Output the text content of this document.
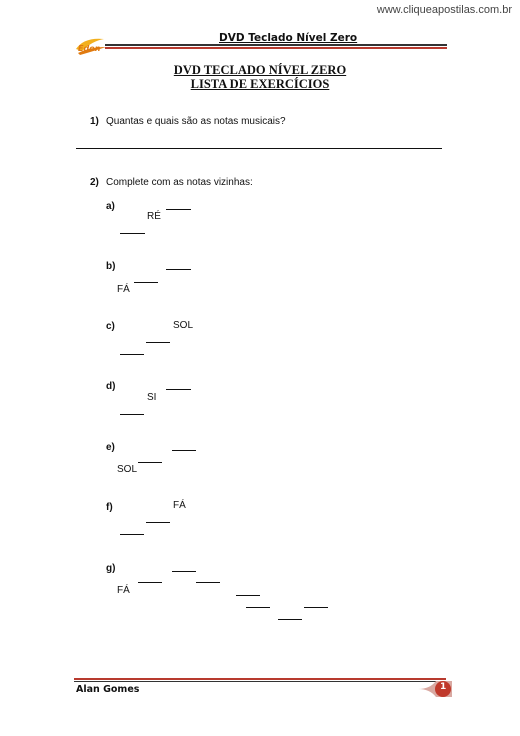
www.cliqueapostilas.com.br
Edon
DVD Teclado Nível Zero
DVD TECLADO NÍVEL ZERO
LISTA DE EXERCÍCIOS
1) Quantas e quais são as notas musicais?
2) Complete com as notas vizinhas:
a)
RÉ
b)
FÁ
c)	SOL
d)
SI
e)
SOL
f)	FÁ
g)
FÁ
Alan Gomes	1
